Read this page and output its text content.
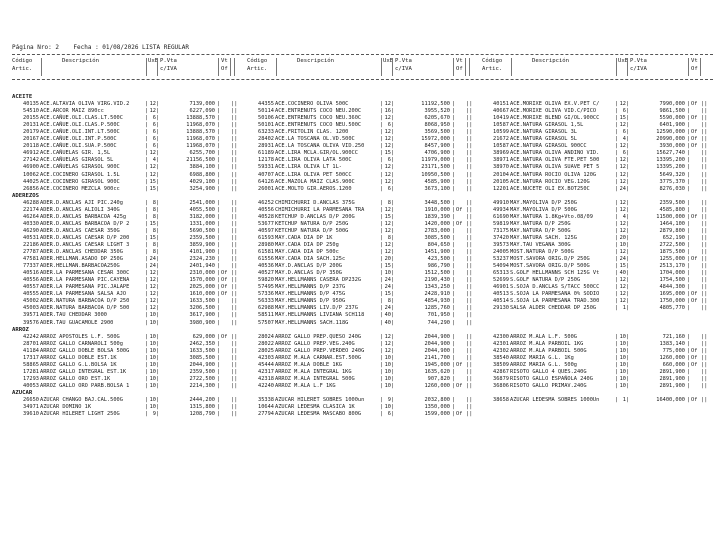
Página Nro: 2    Fecha : 01/08/2026 LISTA REGULAR
Código
Artic.
Descripción	UxB P.Vta
c/IVA
Vt
Of
Código
Artic.
Descripción	UxB P.Vta
c/IVA
Vt
Of
Código
Artic.
Descripción	UxB P.Vta
c/IVA
Vt
Of
ACEITE
40135 ACE.ALTAVIA OLIVA VIRG.VID.2	| 12 |	7139,000 | ||
54510 ACE.ARCOR MAIZ 890cc	| 12 |	6227,090 | ||
20155 ACE.CAÑUE.OLI.CLAS.LT.500C	| 6 |	13888,570 | ||
20131 ACE.CAÑUE.OLI.CLAS.P.500C	| 6 |	11968,070 | ||
20179 ACE.CAÑUE.OLI.INT.LT.500C	| 6 |	13888,570 | ||
20167 ACE.CAÑUE.OLI.INT.P.500C	| 6 |	11968,070 | ||
20118 ACE.CAÑUE.OLI.SUA.P.500C	| 6 |	11968,070 | ||
46912 ACE.CAÑUELAS GIR. 1,5L	| 12 |	6255,700 | ||
27142 ACE.CAÑUELAS GIRASOL 5L	| 4 |	21156,500 | ||
46900 ACE.CAÑUELAS GIRASOL 900C	| 12 |	3884,100 | ||
10062 ACE.COCINERO GIRASOL 1.5L	| 12 |	6988,800 | ||
44025 ACE.COCINERO GIRASOL 900C	| 15 |	4029,100 | ||
26856 ACE.COCINERO MEZCLA 900cc	| 15 |	3254,900 | ||
ADEREZOS
46288 ADER.D.ANCLAS AJI PIC.240g	| 8 |	2541,000 | ||
22174 ADER.D.ANCLAS ALIOLI 340G	| 8 |	4055,500 | ||
46264 ADER.D.ANCLAS BARBACOA 425g	| 8 |	3182,000 | ||
40330 ADER.D.ANCLAS BARBACOA D/P 2	| 15 |	1331,000 | ||
46290 ADER.D.ANCLAS CAESAR 350G	| 8 |	5690,500 | ||
40531 ADER.D.ANCLAS CAESAR D/P 200	| 15 |	2359,500 | ||
22186 ADER.D.ANCLAS CAESAR LIGHT 3	| 8 |	3859,900 | ||
27787 ADER.D.ANCLAS CHEDDAR 350G	| 8 |	4101,900 | ||
47581 ADER.HELLMAN.ASADO DP 250G	| 24 |	2324,230 | ||
77337 ADER.HELLMAN.BARBACOA250G	| 24 |	2401,940 | ||
40516 ADER.LA PARMESANA CESAR 300C	| 12 |	2310,000 | Of ||
40556 ADER.LA PARMESANA PIC.CAYENA	| 12 |	1570,000 | Of ||
40557 ADER.LA PARMESANA PIC.JALAPE	| 12 |	2025,000 | Of ||
40555 ADER.LA PARMESANA SALSA AJO	| 12 |	1610,000 | Of ||
45002 ADER.NATURA BARBACOA D/P 250	| 12 |	1633,500 | ||
45003 ADER.NATURA BARBACOA D/P 500	| 12 |	3206,500 | ||
39571 ADER.TAU CHEDDAR 3000	| 10 |	3617,900 | ||
39576 ADER.TAU GUACAMOLE 2900	| 10 |	3980,900 | ||
ARROZ
42242 ARROZ APOSTOLES L.F. 500G	| 10 |	629,000 | Of ||
28701 ARROZ GALLO CARNAROLI 500g	| 10 |	2462,350 | ||
41184 ARROZ GALLO DOBLE BOLSA 500G	| 10 |	1633,500 | ||
17317 ARROZ GALLO DOBLE EST.1K	| 10 |	3085,500 | ||
58865 ARROZ GALLO G.L.BOLSA 1K	| 10 |	2044,900 | ||
17281 ARROZ GALLO INTEGRAL EST.1K	| 10 |	2359,500 | ||
17293 ARROZ GALLO ORO EST.1K	| 10 |	2722,500 | ||
40053 ARROZ GALLO ORO PARB.BOLSA 1	| 10 |	2214,300 | ||
AZUCAR
26650 AZUCAR CHANGO BAJ.CAL.500G	| 10 |	2444,200 | ||
34971 AZUCAR DOMINO 1K	| 10 |	1315,800 | ||
39610 AZUCAR HILERET LIGHT 250G	| 9 |	1208,790 | ||
44355 ACE.COCINERO OLIVA 500C	| 12 |	11192,500 | ||
50114 ACE.ENTRENUTS COCO NEU.200C	| 16 |	3955,520 | ||
50106 ACE.ENTRENUTS COCO NEU.360C	| 12 |	6205,670 | ||
50101 ACE.ENTRENUTS COCO NEU.500C	| 6 |	8068,950 | ||
63233 ACE.FRITOLIN CLAS. 1200	| 12 |	3569,500 | ||
28402 ACE.LA TOSCANA OL.VD.500C	| 12 |	15972,000 | ||
28931 ACE.LA TOSCANA OLIVA VID.250	| 12 |	8457,900 | ||
61189 ACE.LIRA MCLA.GIR/OL.900CC	| 15 |	4706,900 | ||
12178 ACE.LIRA OLIVA LATA 500C	| 6 |	11979,000 | ||
59331 ACE.LIRA OLIVA LT 1L-	| 12 |	23171,500 | ||
40707 ACE.LIRA OLIVA PET 500CC	| 12 |	10950,500 | ||
64126 ACE.MAZOLA MAIZ CLAS.900C	| 12 |	4585,900 | ||
26001 ACE.MOLTO GIR.AEROS.1200	| 6 |	3673,100 | ||
46252 CHIMICHURRI D.ANCLAS 375G	| 8 |	3448,500 | ||
40556 CHIMICHURRI LA PARMESANA TRA	| 12 |	1910,000 | Of ||
40528 KETCHUP D.ANCLAS D/P 200G	| 15 |	1839,390 | ||
53677 KETCHUP NATURA D/P 250G	| 12 |	1420,000 | Of ||
40597 KETCHUP NATURA D/P 500G	| 12 |	2783,000 | ||
61593 MAY.CADA DIA DP 1K	| 8 |	3085,500 | ||
28980 MAY.CADA DIA DP 250g	| 12 |	804,650 | ||
61581 MAY.CADA DIA DP 500c	| 12 |	1451,900 | ||
61556 MAY.CADA DIA SACH.125c	| 20 |	423,500 | ||
40536 MAY.D.ANCLAS D/P 200G	| 15 |	986,790 | ||
40527 MAY.D.ANCLAS D/P 350G	| 10 |	1512,500 | ||
59820 MAY.HELLMANNS CASERA DP232G	| 24 |	2190,430 | ||
57495 MAY.HELLMANNS D/P 237G	| 24 |	1343,250 | ||
57336 MAY.HELLMANNS D/P 475G	| 15 |	2428,910 | ||
56333 MAY.HELLMANNS D/P 950G	| 8 |	4854,930 | ||
62988 MAY.HELLMANNS LIV.D/P 237G	| 24 |	1285,760 | ||
58511 MAY.HELLMANNS LIVIANA SCH118	| 40 |	701,950 | ||
57507 MAY.HELLMANNS SACH.118G	| 40 |	744,290 | ||
28024 ARROZ GALLO PREP.QUESO 240G	| 12 |	2044,900 | ||
28022 ARROZ GALLO PREP.VEG.240G	| 12 |	2044,900 | ||
28025 ARROZ GALLO PREP.VERDEO 240G	| 12 |	2044,900 | ||
42303 ARROZ M.ALA CARNAR.EST.500G	| 10 |	2141,700 | ||
45444 ARROZ M.ALA DOBLE 1KG	| 10 |	1945,000 | Of ||
42317 ARROZ M.ALA INTEGRAL 1KG	| 10 |	1635,620 | ||
42318 ARROZ M.ALA INTEGRAL 500G	| 10 |	907,820 | ||
42240 ARROZ M.ALA L.F 1KG	| 10 |	1260,000 | Of ||
35338 AZUCAR HILERET SOBRES 1000un	| 9 |	2032,800 | ||
10644 AZUCAR LEDESMA CLASICA 1K	| 10 |	1350,000 | ||
27794 AZUCAR LEDESMA MASCABO 800G	| 6 |	1599,000 | Of ||
40151 ACE.MORIXE OLIVA EX.V.PET C/	| 12 |	7990,000 | Of ||
40667 ACE.MORIXE OLIVA VID.C/PICO	| 6 |	9861,500 | ||
10419 ACE.MORIXE BLEND GI/OL.900CC	| 15 |	5590,000 | Of ||
10587 ACE.NATURA GIRASOL 1,5L	| 12 |	6401,900 | ||
10599 ACE.NATURA GIRASOL 3L	| 6 |	12590,000 | Of ||
21672 ACE.NATURA GIRASOL 5L	| 4 |	20990,000 | Of ||
10587 ACE.NATURA GIRASOL 900CC	| 12 |	3930,000 | Of ||
38969 ACE.NATURA OLIVA ANDINO VID.	| 6 |	15627,740 | ||
38971 ACE.NATURA OLIVA FTE.PET 500	| 12 |	13395,200 | ||
38970 ACE.NATURA OLIVA SUAVE PET 5	| 12 |	13395,200 | ||
20104 ACE.NATURA ROCIO OLIVA 120G	| 12 |	5649,320 | ||
20105 ACE.NATURA ROCIO VEG.120G	| 12 |	3775,370 | ||
12201 ACE.NUCETE OLI EX.BOT250C	| 24 |	8276,030 | ||
49910 MAY.MAYOLIVA D/P 250G	| 12 |	2359,500 | ||
49934 MAY.MAYOLIVA D/P 500G	| 12 |	4585,800 | ||
61690 MAY.NATURA 1.8Kg+Vto.08/09	| 4 |	11500,000 | Of ||
59819 MAY.NATURA D/P 250G	| 12 |	1464,100 | ||
73175 MAY.NATURA D/P 500G	| 12 |	2879,800 | ||
37420 MAY.NATURA SACH. 125G	| 20 |	652,190 | ||
39573 MAY.TAU VEGANA 300G	| 10 |	2722,500 | ||
24005 MOST.NATURA D/P 500G	| 12 |	1875,500 | ||
53237 MOST.SAVORA ORIG.D/P 250G	| 24 |	1255,000 | Of ||
54094 MOST.SAVORA ORIG.D/P 500G	| 15 |	2513,170 | ||
65313 S.GOLF HELLMANNS SCH 125G Vt	| 40 |	1704,000 | ||
52699 S.GOLF NATURA D/P 250G	| 12 |	1754,500 | ||
46901 S.SOJA D.ANCLAS S/TACC 500CC	| 12 |	4844,300 | ||
40513 S.SOJA LA PARMESANA 0% SODIO	| 12 |	1695,000 | Of ||
40514 S.SOJA LA PARMESANA TRAD.300	| 12 |	1750,000 | Of ||
29130 SALSA ALDER CHEDDAR DP 250G	| 1 |	4805,770 | ||
42300 ARROZ M.ALA L.F. 500G	| 10 |	721,160 | ||
42301 ARROZ M.ALA PARBOIL 1KG	| 10 |	1383,140 | ||
42302 ARROZ M.ALA PARBOIL 500G	| 10 |	775,000 | Of ||
38540 ARROZ MARIA G.L. 1Kg	| 10 |	1260,000 | Of ||
38509 ARROZ MARIA G.L. 500g	| 10 |	660,000 | Of ||
42867 RISOTO GALLO 4 QUES.240G	| 10 |	2891,900 | ||
36879 RISOTO GALLO ESPAÑOLA 240G	| 10 |	2891,900 | ||
36806 RISOTO GALLO PRIMAV.240G	| 10 |	2891,900 | ||
38658 AZUCAR LEDESMA SOBRES 1000Un	| 1 |	16400,000 | Of ||
